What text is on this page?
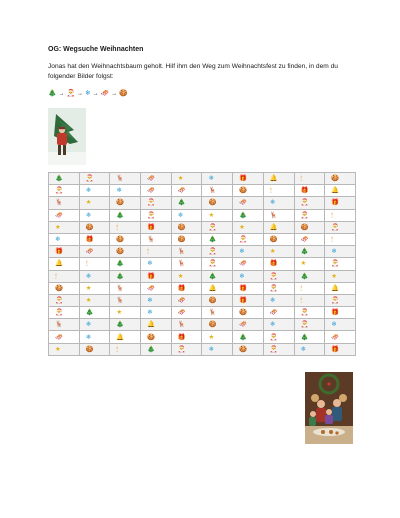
OG: Wegsuche Weihnachten
Jonas hat den Weihnachtsbaum geholt. Hilf ihm den Weg zum Weihnachtsfest zu finden, in dem du folgender Bilder folgst:
🎄 → 🎅 → ❄ → 🛷 → 🍪
🎄	🎅	🦌	🛷	★	❄	🎁	🔔	🕯	🍪
🎅	❄	❄	🛷	🛷	🦌	🍪	🕯	🎁	🔔
🦌	★	🍪	🎅	🎄	🍪	🛷	❄	🎅	🎁
🛷	❄	🎄	🎅	❄	★	🎄	🦌	🎅	🕯
★	🍪	🕯	🎁	🍪	🎅	★	🔔	🍪	🎅
❄	🎁	🍪	🦌	🍪	🎄	🎅	🍪	🛷	🕯
🎁	🛷	🍪	🕯	🦌	🎅	❄	★	🎄	❄
🔔	🕯	🎄	❄	🦌	🎅	🛷	🎁	★	🎅
🕯	❄	🎄	🎁	★	🎄	❄	🎅	🎄	★
🍪	★	🦌	🛷	🎁	🔔	🎁	🎅	🕯	🔔
🎅	★	🦌	❄	🛷	🍪	🎁	❄	🕯	🎅
🎅	🎄	★	❄	🛷	🦌	🍪	🛷	🎅	🎁
🦌	❄	🎄	🔔	🦌	🍪	🛷	❄	🎅	❄
🛷	❄	🔔	🍪	🎁	★	🎄	🎅	🎄	🛷
★	🍪	🕯	🎄	🎅	❄	🍪	🎅	❄	🎁
